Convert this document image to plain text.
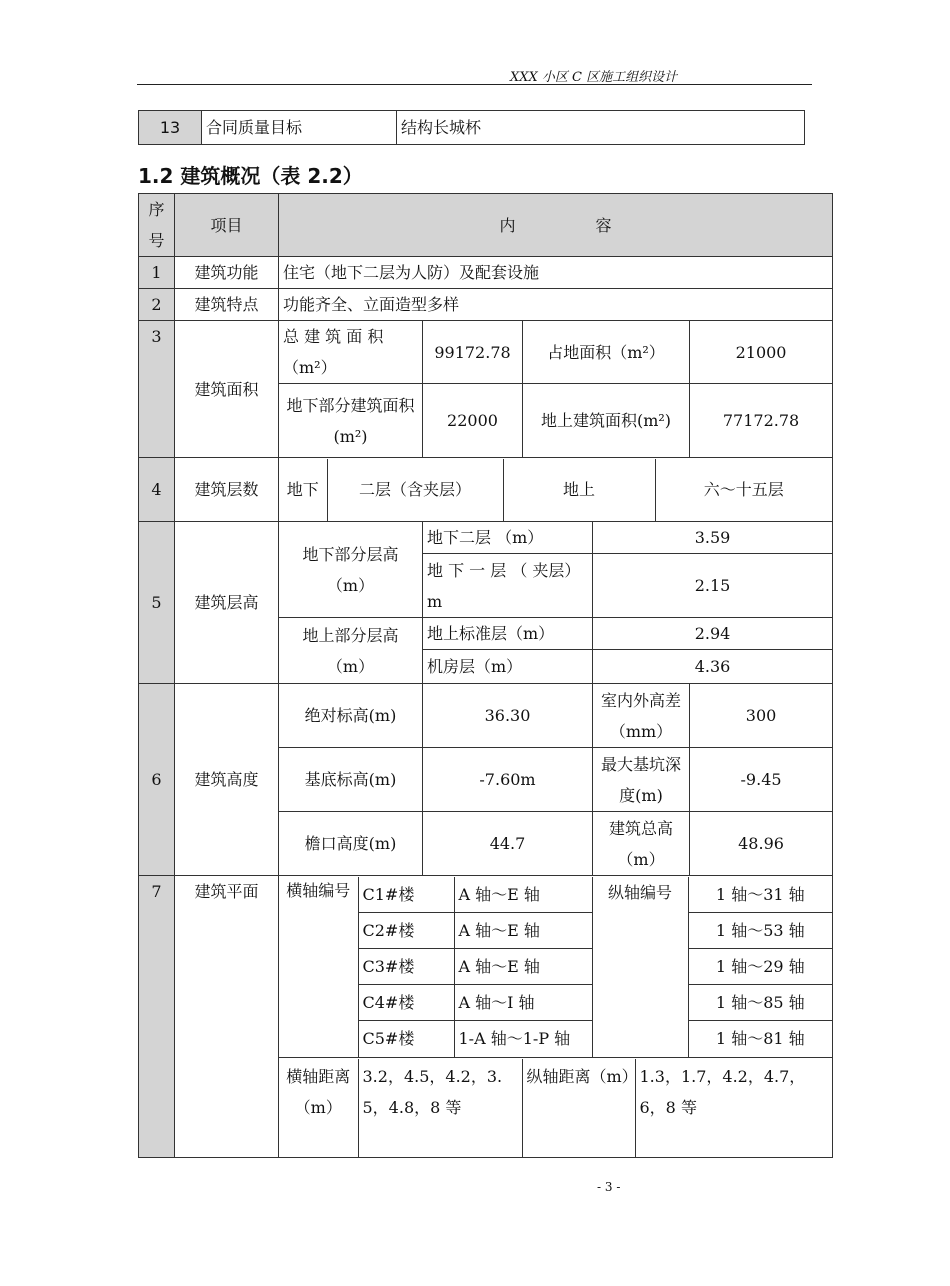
XXX 小区 C 区施工组织设计
13	合同质量目标	结构长城杯
1.2 建筑概况（表 2.2）
序号	项目	内　　　　　容
1	建筑功能	住宅（地下二层为人防）及配套设施
2	建筑特点	功能齐全、立面造型多样
3	建筑面积	总 建 筑 面 积（m²）	99172.78	占地面积（m²）	21000
地下部分建筑面积(m²)	22000	地上建筑面积(m²)	77172.78
4	建筑层数	地下	二层（含夹层）	地上	六～十五层

5	建筑层高	地下部分层高（m）	地下二层 （m）	3.59
地 下 一 层 （ 夹层）m	2.15
地上部分层高（m）	地上标准层（m）	2.94
机房层（m）	4.36
6	建筑高度	绝对标高(m)	36.30	室内外高差（mm）	300
基底标高(m)	-7.60m	最大基坑深度(m)	-9.45
檐口高度(m)	44.7	建筑总高（m）	48.96
7	建筑平面	横轴编号	C1#楼	A 轴～E 轴	纵轴编号	1 轴～31 轴
C2#楼	A 轴～E 轴	1 轴～53 轴
C3#楼	A 轴～E 轴	1 轴～29 轴
C4#楼	A 轴～I 轴	1 轴～85 轴
C5#楼	1-A 轴～1-P 轴	1 轴～81 轴

横轴距离（m）	3.2，4.5，4.2，3.5，4.8，8 等	纵轴距离（m）	1.3，1.7，4.2，4.7，6，8 等
- 3 -
